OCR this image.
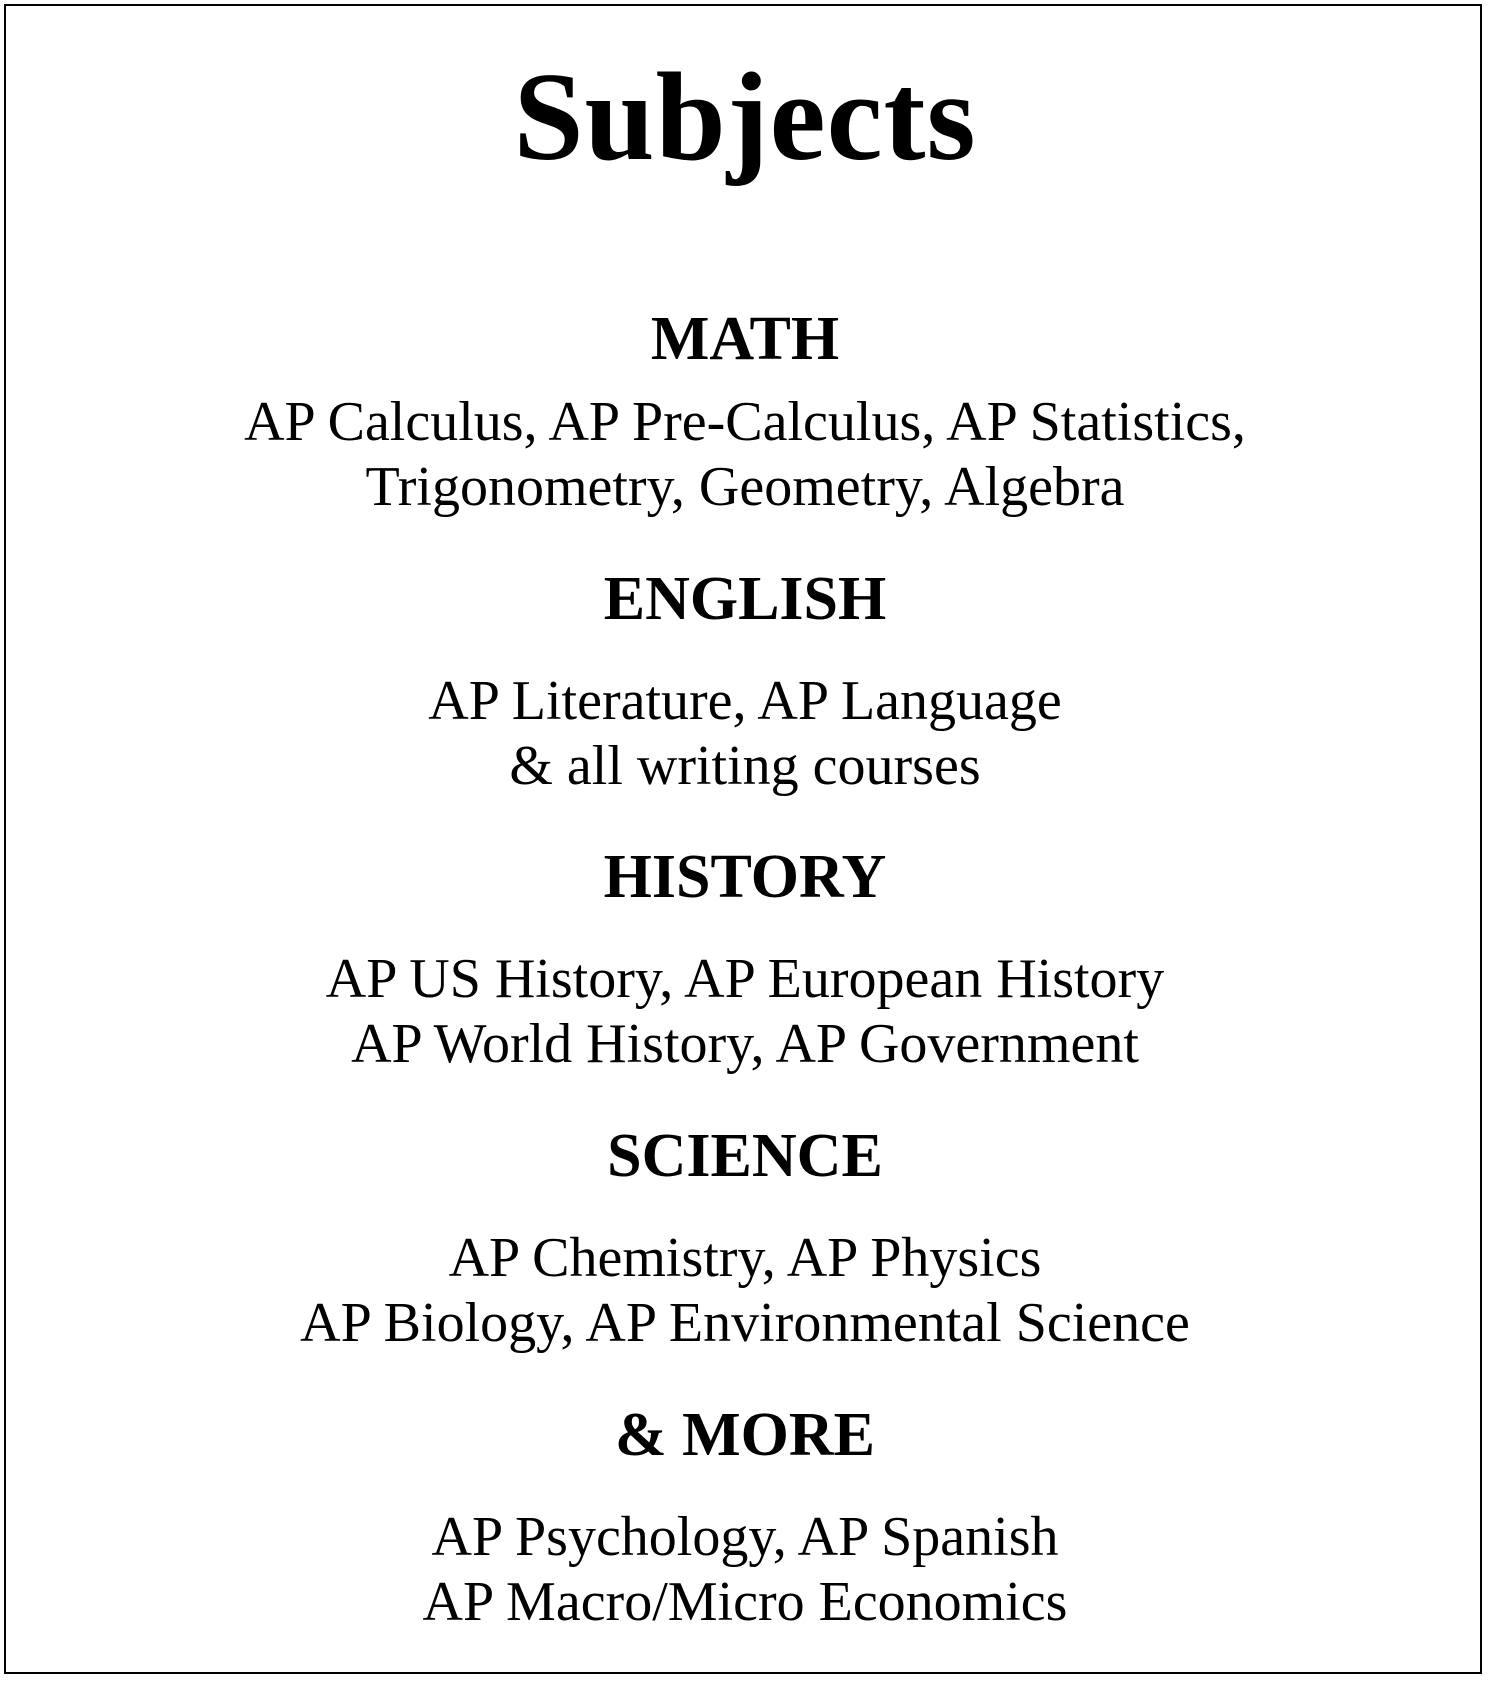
Subjects
MATH
AP Calculus, AP Pre-Calculus, AP Statistics,
Trigonometry, Geometry, Algebra
ENGLISH
AP Literature, AP Language
& all writing courses
HISTORY
AP US History, AP European History
AP World History, AP Government
SCIENCE
AP Chemistry, AP Physics
AP Biology, AP Environmental Science
& MORE
AP Psychology, AP Spanish
AP Macro/Micro Economics
